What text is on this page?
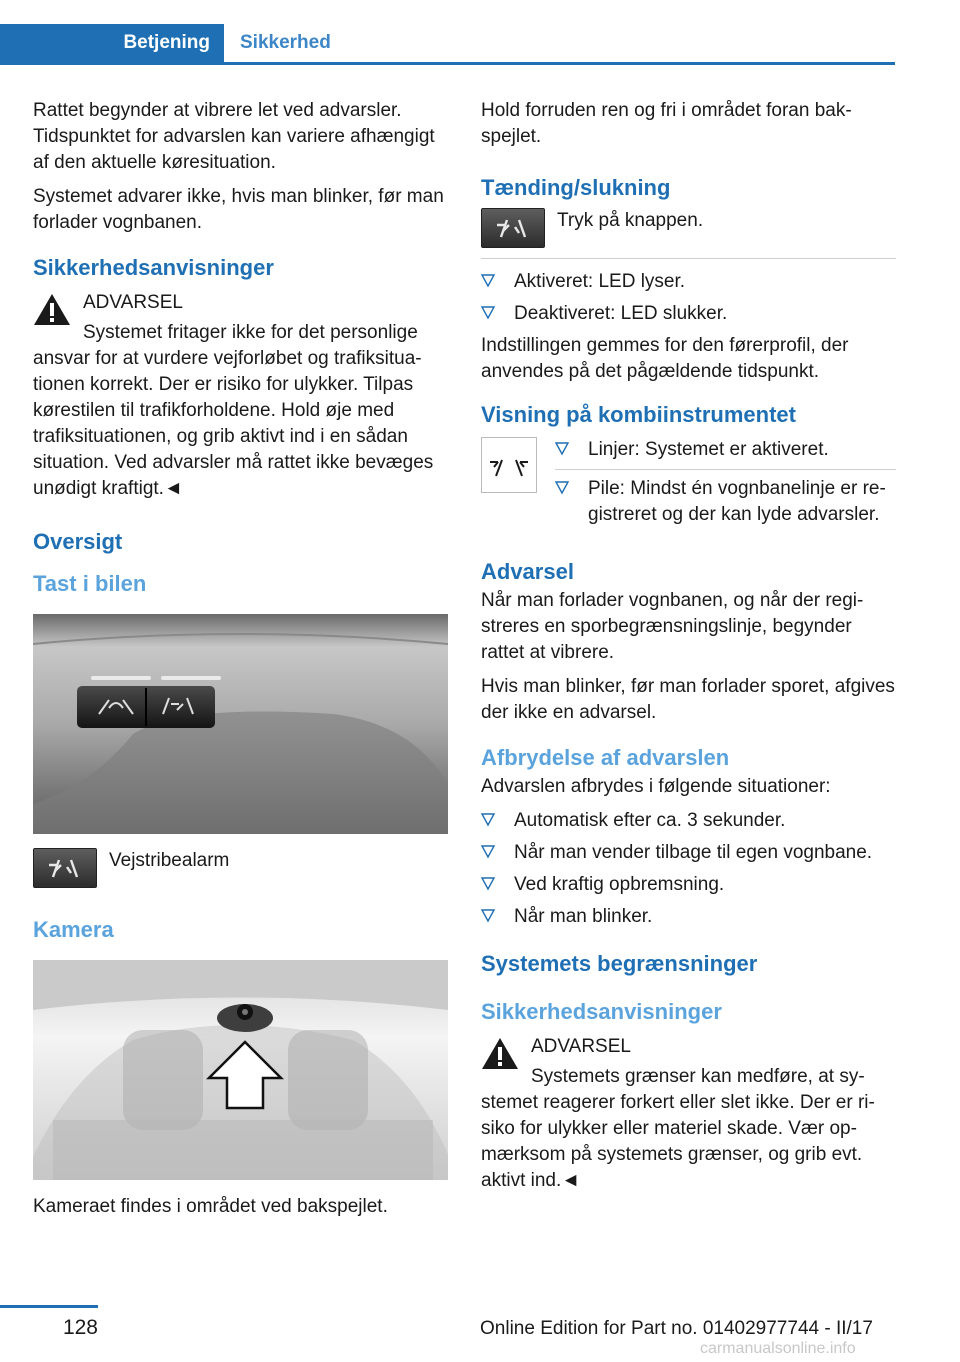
Betjening	Sikkerhed

Rattet begynder at vibrere let ved advarsler. Tidspunktet for advarslen kan variere afhængigt af den aktuelle køresituation.

Systemet advarer ikke, hvis man blinker, før man forlader vognbanen.

Sikkerhedsanvisninger
ADVARSEL

Systemet fritager ikke for det personlige ansvar for at vurdere vejforløbet og trafiksituationen korrekt. Der er risiko for ulykker. Tilpas kørestilen til trafikforholdene. Hold øje med trafiksituationen, og grib aktivt ind i en sådan situation. Ved advarsler må rattet ikke bevæges unødigt kraftigt.◄

Oversigt
Tast i bilen
Vejstribealarm
Kamera

Kameraet findes i området ved bakspejlet.

Hold forruden ren og fri i området foran bakspejlet.

Tænding/slukning
Tryk på knappen.
Aktiveret: LED lyser.
Deaktiveret: LED slukker.

Indstillingen gemmes for den førerprofil, der anvendes på det pågældende tidspunkt.

Visning på kombiinstrumentet
Linjer: Systemet er aktiveret.
Pile: Mindst én vognbanelinje er registreret og der kan lyde advarsler.
Advarsel

Når man forlader vognbanen, og når der registreres en sporbegrænsningslinje, begynder rattet at vibrere.

Hvis man blinker, før man forlader sporet, afgives der ikke en advarsel.

Afbrydelse af advarslen

Advarslen afbrydes i følgende situationer:

Automatisk efter ca. 3 sekunder.
Når man vender tilbage til egen vognbane.
Ved kraftig opbremsning.
Når man blinker.
Systemets begrænsninger
Sikkerhedsanvisninger
ADVARSEL

Systemets grænser kan medføre, at systemet reagerer forkert eller slet ikke. Der er risiko for ulykker eller materiel skade. Vær opmærksom på systemets grænser, og grib evt. aktivt ind.◄

128	Online Edition for Part no. 01402977744 - II/17
carmanualsonline.info
